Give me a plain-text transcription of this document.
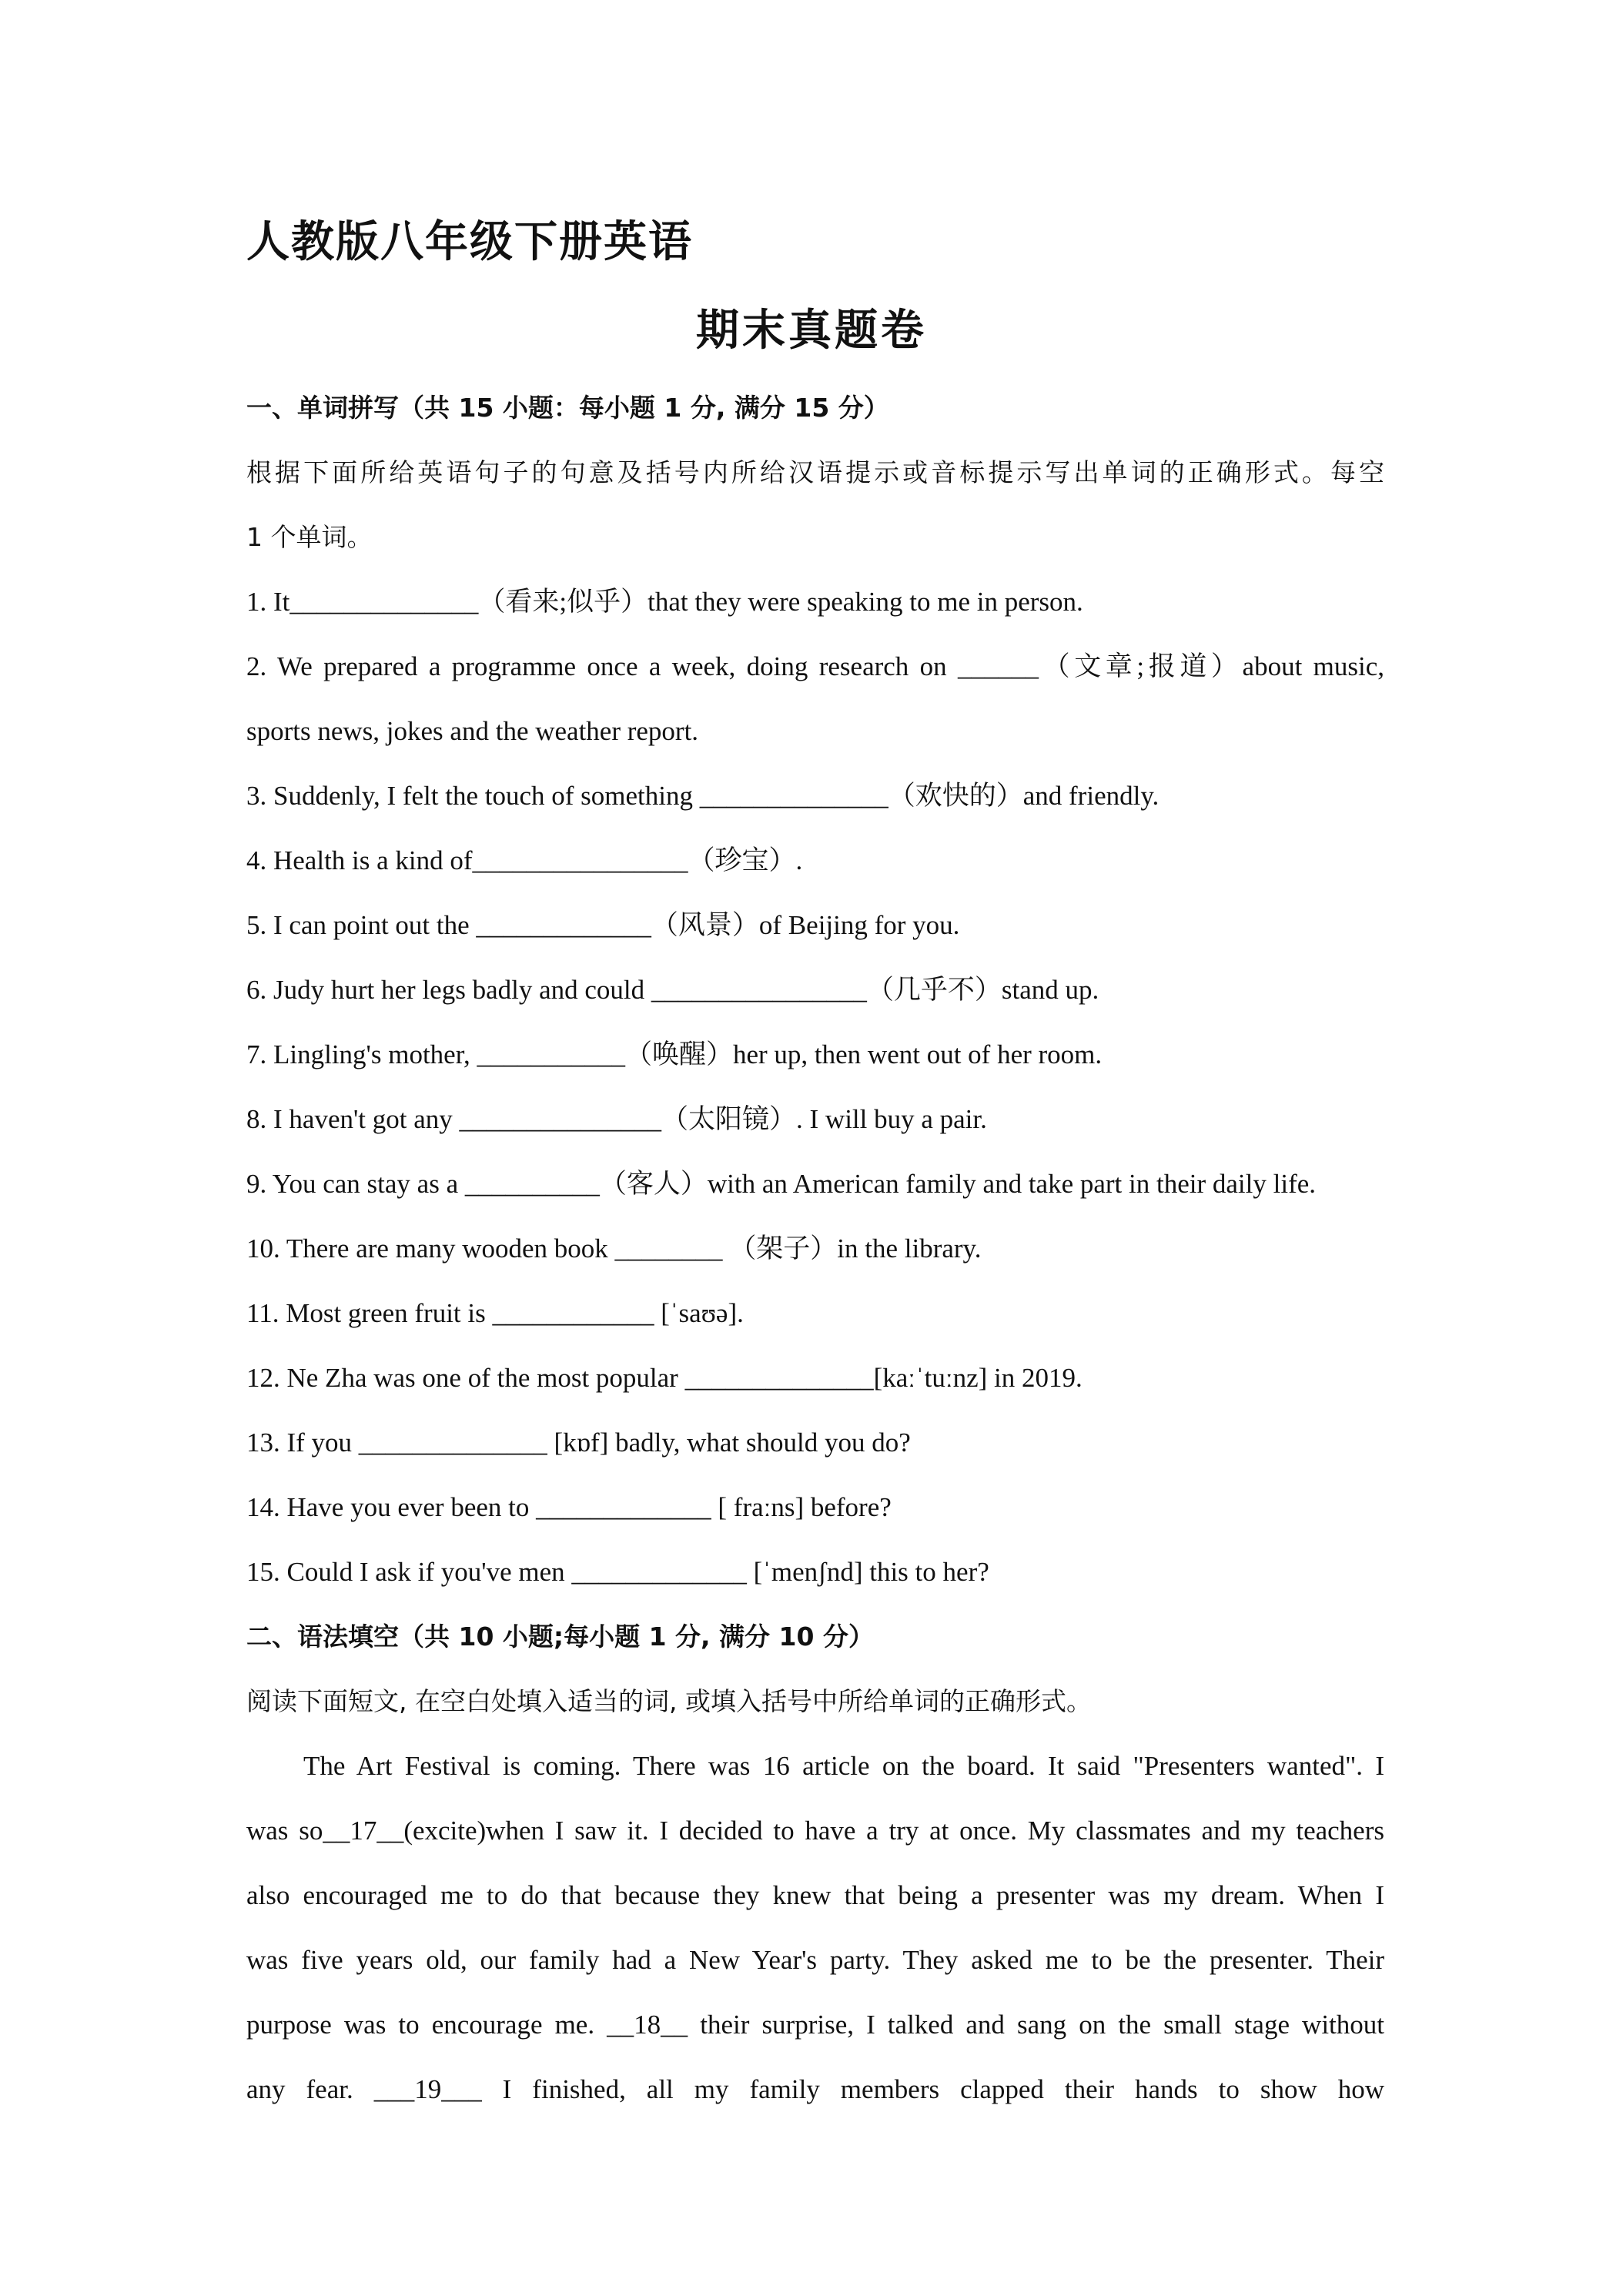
人教版八年级下册英语
期末真题卷
一、单词拼写（共 15 小题：每小题 1 分, 满分 15 分）
根据下面所给英语句子的句意及括号内所给汉语提示或音标提示写出单词的正确形式。每空
1 个单词。
1. It______________（看来;似乎）that they were speaking to me in person.
2. We prepared a programme once a week, doing research on ______（文章;报道）about music,
sports news, jokes and the weather report.
3. Suddenly, I felt the touch of something ______________（欢快的）and friendly.
4. Health is a kind of________________（珍宝）.
5. I can point out the _____________（风景）of Beijing for you.
6. Judy hurt her legs badly and could ________________（几乎不）stand up.
7. Lingling's mother, ___________（唤醒）her up, then went out of her room.
8. I haven't got any _______________（太阳镜）. I will buy a pair.
9. You can stay as a __________（客人）with an American family and take part in their daily life.
10. There are many wooden book ________ （架子）in the library.
11. Most green fruit is ____________ [ˈsaʊə].
12. Ne Zha was one of the most popular ______________[kaːˈtuːnz] in 2019.
13. If you ______________ [kɒf] badly, what should you do?
14. Have you ever been to _____________ [ fraːns] before?
15. Could I ask if you've men _____________ [ˈmenʃnd] this to her?
二、语法填空（共 10 小题;每小题 1 分, 满分 10 分）
阅读下面短文, 在空白处填入适当的词, 或填入括号中所给单词的正确形式。
The Art Festival is coming. There was 16 article on the board. It said "Presenters wanted". I
was so__17__(excite)when I saw it. I decided to have a try at once. My classmates and my teachers
also encouraged me to do that because they knew that being a presenter was my dream. When I
was five years old, our family had a New Year's party. They asked me to be the presenter. Their
purpose was to encourage me. __18__ their surprise, I talked and sang on the small stage without
any fear. ___19___ I finished, all my family members clapped their hands to show how
